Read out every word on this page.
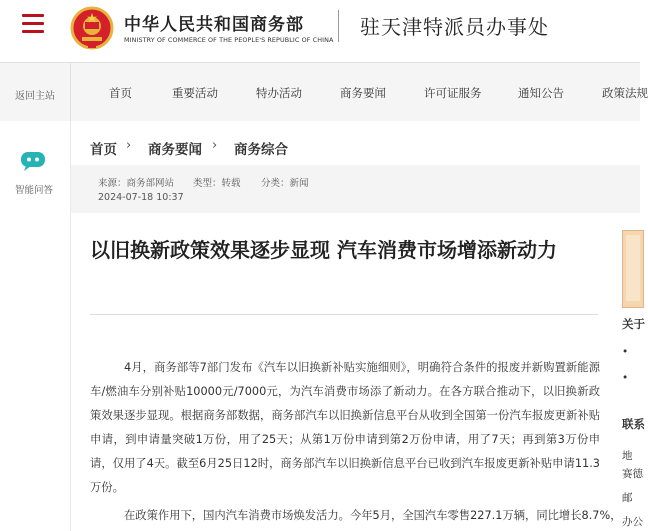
中华人民共和国商务部
MINISTRY OF COMMERCE OF THE PEOPLE'S REPUBLIC OF CHINA
驻天津特派员办事处
返回主站	首页	重要活动	特办活动	商务要闻	许可证服务	通知公告	政策法规
智能问答
首页 › 商务要闻 › 商务综合
来源：商务部网站 类型：转载 分类：新闻
2024-07-18 10:37
以旧换新政策效果逐步显现 汽车消费市场增添新动力
4月，商务部等7部门发布《汽车以旧换新补贴实施细则》，明确符合条件的报废并新购置新能源车/燃油车分别补贴10000元/7000元，为汽车消费市场添了新动力。在各方联合推动下，以旧换新政策效果逐步显现。根据商务部数据，商务部汽车以旧换新信息平台从收到全国第一份汽车报废更新补贴申请，到申请量突破1万份，用了25天；从第1万份申请到第2万份申请，用了7天；再到第3万份申请，仅用了4天。截至6月25日12时，商务部汽车以旧换新信息平台已收到汽车报废更新补贴申请11.3万份。
在政策作用下，国内汽车消费市场焕发活力。今年5月，全国汽车零售227.1万辆，同比增长8.7%，
关于
•
•
联系
地
赛德
邮
办公
